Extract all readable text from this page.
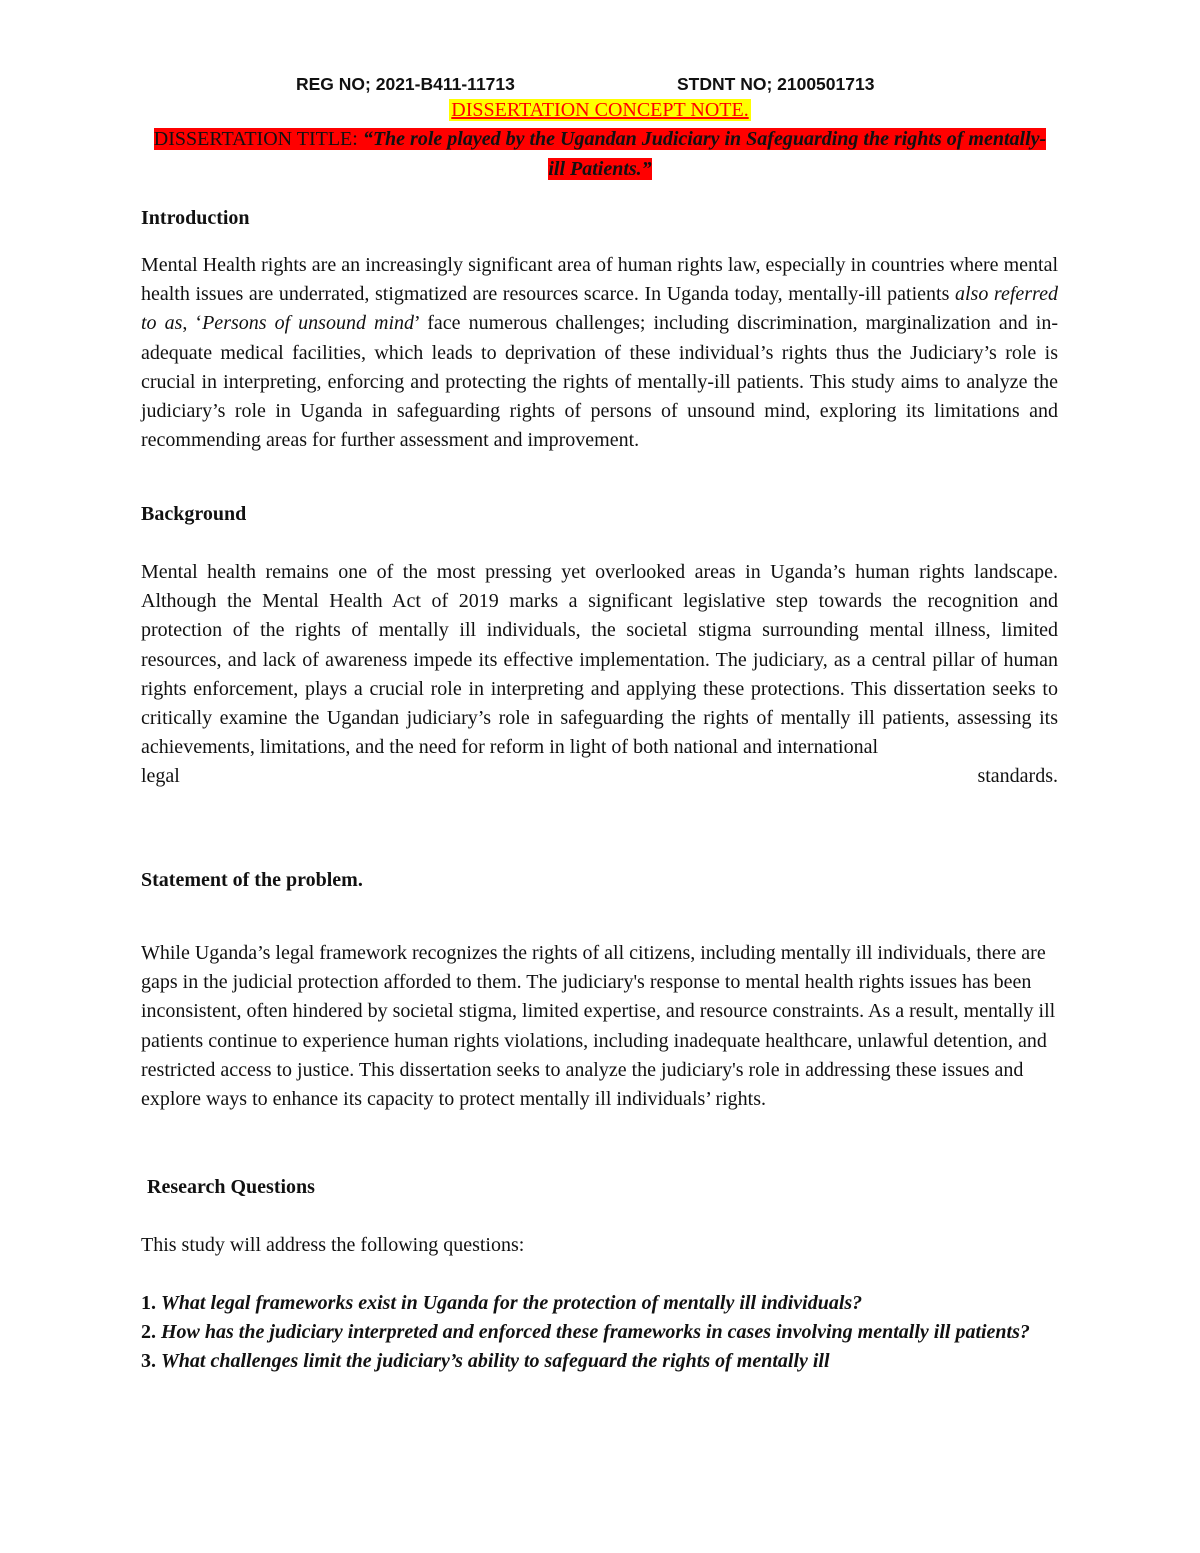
REG NO; 2021-B411-11713	STDNT NO; 2100501713
DISSERTATION CONCEPT NOTE.
DISSERTATION TITLE: “The role played by the Ugandan Judiciary in Safeguarding the rights of mentally-ill Patients.”
Introduction
Mental Health rights are an increasingly significant area of human rights law, especially in countries where mental health issues are underrated, stigmatized are resources scarce. In Uganda today, mentally-ill patients also referred to as, ‘Persons of unsound mind’ face numerous challenges; including discrimination, marginalization and in-adequate medical facilities, which leads to deprivation of these individual’s rights thus the Judiciary’s role is crucial in interpreting, enforcing and protecting the rights of mentally-ill patients. This study aims to analyze the judiciary’s role in Uganda in safeguarding rights of persons of unsound mind, exploring its limitations and recommending areas for further assessment and improvement.
Background
Mental health remains one of the most pressing yet overlooked areas in Uganda’s human rights landscape. Although the Mental Health Act of 2019 marks a significant legislative step towards the recognition and protection of the rights of mentally ill individuals, the societal stigma surrounding mental illness, limited resources, and lack of awareness impede its effective implementation. The judiciary, as a central pillar of human rights enforcement, plays a crucial role in interpreting and applying these protections. This dissertation seeks to critically examine the Ugandan judiciary’s role in safeguarding the rights of mentally ill patients, assessing its achievements, limitations, and the need for reform in light of both national and international
legal	standards.
Statement of the problem.
While Uganda’s legal framework recognizes the rights of all citizens, including mentally ill individuals, there are gaps in the judicial protection afforded to them. The judiciary's response to mental health rights issues has been inconsistent, often hindered by societal stigma, limited expertise, and resource constraints. As a result, mentally ill patients continue to experience human rights violations, including inadequate healthcare, unlawful detention, and restricted access to justice. This dissertation seeks to analyze the judiciary's role in addressing these issues and explore ways to enhance its capacity to protect mentally ill individuals’ rights.
Research Questions
This study will address the following questions:
1. What legal frameworks exist in Uganda for the protection of mentally ill individuals?
2. How has the judiciary interpreted and enforced these frameworks in cases involving mentally ill patients?
3. What challenges limit the judiciary’s ability to safeguard the rights of mentally ill
